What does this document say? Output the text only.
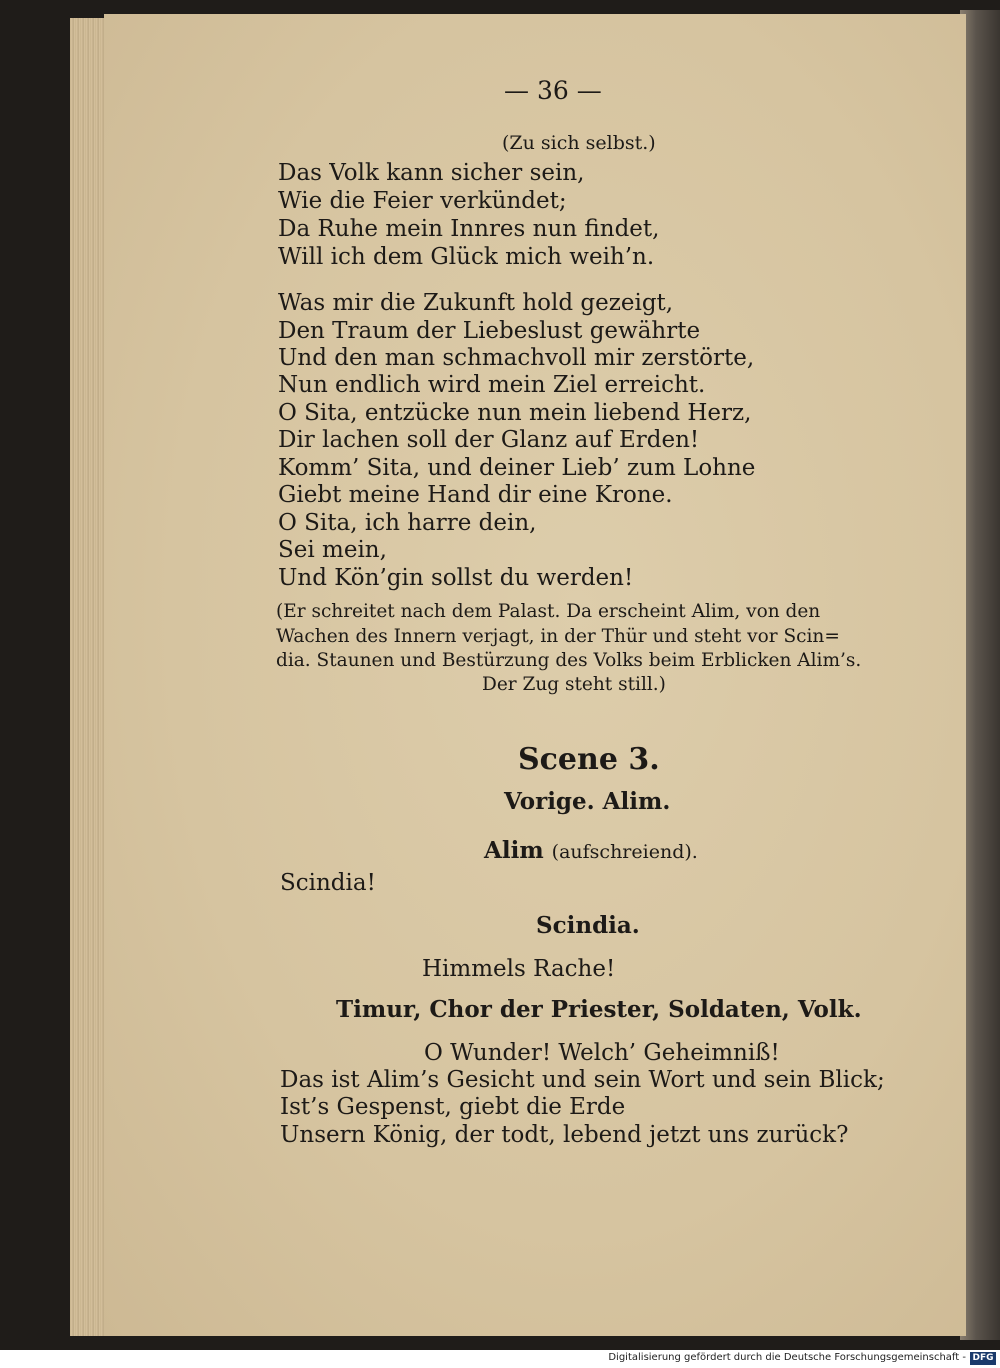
— 36 —
(Zu sich selbst.)
Das Volk kann sicher sein,
Wie die Feier verkündet;
Da Ruhe mein Innres nun findet,
Will ich dem Glück mich weih’n.
Was mir die Zukunft hold gezeigt,
Den Traum der Liebeslust gewährte
Und den man schmachvoll mir zerstörte,
Nun endlich wird mein Ziel erreicht.
O Sita, entzücke nun mein liebend Herz,
Dir lachen soll der Glanz auf Erden!
Komm’ Sita, und deiner Lieb’ zum Lohne
Giebt meine Hand dir eine Krone.
O Sita, ich harre dein,
Sei mein,
Und Kön’gin sollst du werden!
(Er schreitet nach dem Palast. Da erscheint Alim, von den
Wachen des Innern verjagt, in der Thür und steht vor Scin=
dia. Staunen und Bestürzung des Volks beim Erblicken Alim’s.
Der Zug steht still.)
Scene 3.
Vorige. Alim.
Alim (aufschreiend).
Scindia!
Scindia.
Himmels Rache!
Timur, Chor der Priester, Soldaten, Volk.
O Wunder! Welch’ Geheimniß!
Das ist Alim’s Gesicht und sein Wort und sein Blick;
Ist’s Gespenst, giebt die Erde
Unsern König, der todt, lebend jetzt uns zurück?
Digitalisierung gefördert durch die Deutsche Forschungsgemeinschaft - DFG
